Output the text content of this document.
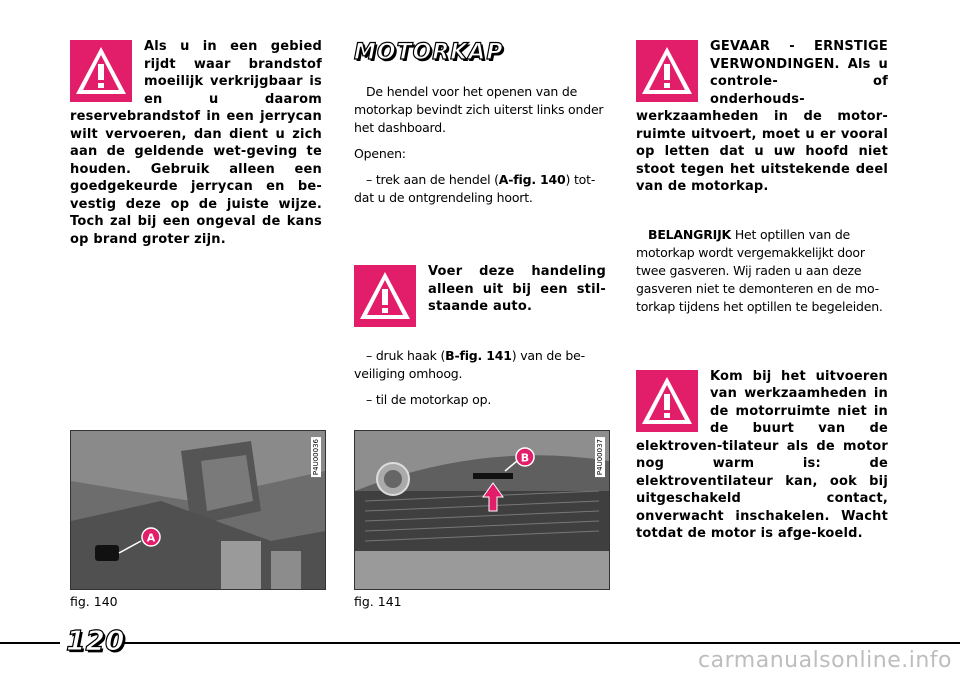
Als u in een gebied rijdt waar brandstof moeilijk verkrijgbaar is en u daarom reservebrandstof in een jerrycan wilt vervoeren, dan dient u zich aan de geldende wet-geving te houden. Gebruik alleen een goedgekeurde jerrycan en be-vestig deze op de juiste wijze. Toch zal bij een ongeval de kans op brand groter zijn.
MOTORKAP

De hendel voor het openen van de motorkap bevindt zich uiterst links onder het dashboard.

Openen:

– trek aan de hendel (A-fig. 140) tot-dat u de ontgrendeling hoort.

Voer deze handeling alleen uit bij een stil-staande auto.

– druk haak (B-fig. 141) van de be-veiliging omhoog.

– til de motorkap op.

GEVAAR - ERNSTIGE VERWONDINGEN. Als u controle- of onderhouds-werkzaamheden in de motor-ruimte uitvoert, moet u er vooral op letten dat u uw hoofd niet stoot tegen het uitstekende deel van de motorkap.

BELANGRIJK Het optillen van de motorkap wordt vergemakkelijkt door twee gasveren. Wij raden u aan deze gasveren niet te demonteren en de mo-torkap tijdens het optillen te begeleiden.

Kom bij het uitvoeren van werkzaamheden in de motorruimte niet in de buurt van de elektroven-tilateur als de motor nog warm is: de elektroventilateur kan, ook bij uitgeschakeld contact, onverwacht inschakelen. Wacht totdat de motor is afge-koeld.
A
P4U00036
fig. 140
B	P4U00037
fig. 141
120
carmanualsonline.info
